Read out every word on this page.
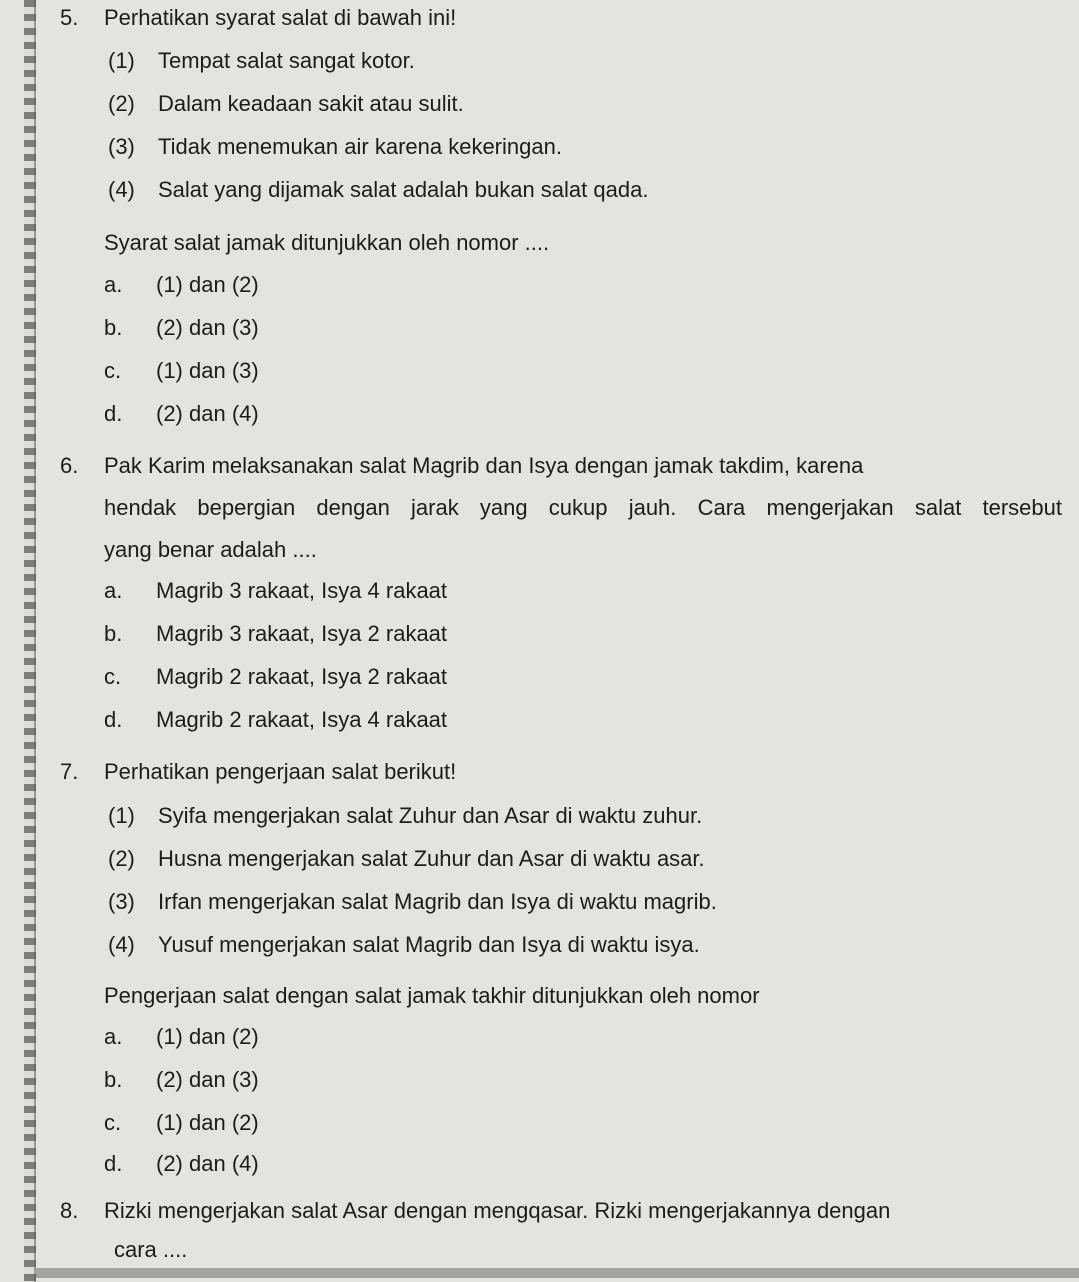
5. Perhatikan syarat salat di bawah ini!
(1) Tempat salat sangat kotor.
(2) Dalam keadaan sakit atau sulit.
(3) Tidak menemukan air karena kekeringan.
(4) Salat yang dijamak salat adalah bukan salat qada.
Syarat salat jamak ditunjukkan oleh nomor ....
a. (1) dan (2)
b. (2) dan (3)
c. (1) dan (3)
d. (2) dan (4)
6. Pak Karim melaksanakan salat Magrib dan Isya dengan jamak takdim, karena
hendak bepergian dengan jarak yang cukup jauh. Cara mengerjakan salat tersebut
yang benar adalah ....
a. Magrib 3 rakaat, Isya 4 rakaat
b. Magrib 3 rakaat, Isya 2 rakaat
c. Magrib 2 rakaat, Isya 2 rakaat
d. Magrib 2 rakaat, Isya 4 rakaat
7. Perhatikan pengerjaan salat berikut!
(1) Syifa mengerjakan salat Zuhur dan Asar di waktu zuhur.
(2) Husna mengerjakan salat Zuhur dan Asar di waktu asar.
(3) Irfan mengerjakan salat Magrib dan Isya di waktu magrib.
(4) Yusuf mengerjakan salat Magrib dan Isya di waktu isya.
Pengerjaan salat dengan salat jamak takhir ditunjukkan oleh nomor
a. (1) dan (2)
b. (2) dan (3)
c. (1) dan (2)
d. (2) dan (4)
8. Rizki mengerjakan salat Asar dengan mengqasar. Rizki mengerjakannya dengan
cara ....
